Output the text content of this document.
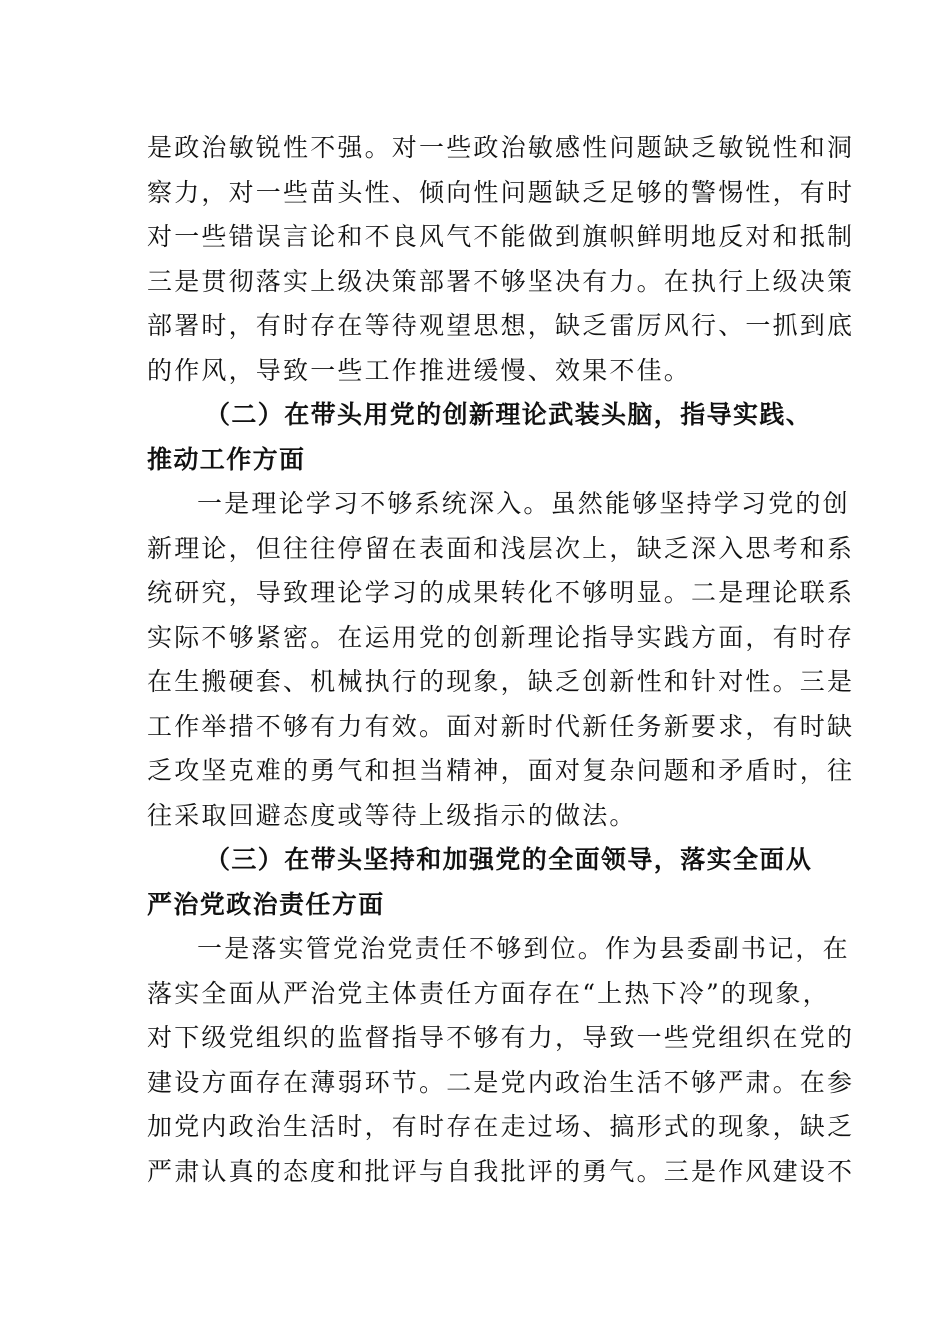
是政治敏锐性不强。对一些政治敏感性问题缺乏敏锐性和洞
察力，对一些苗头性、倾向性问题缺乏足够的警惕性，有时
对一些错误言论和不良风气不能做到旗帜鲜明地反对和抵制
三是贯彻落实上级决策部署不够坚决有力。在执行上级决策
部署时，有时存在等待观望思想，缺乏雷厉风行、一抓到底
的作风，导致一些工作推进缓慢、效果不佳。
（二）在带头用党的创新理论武装头脑，指导实践、
推动工作方面
一是理论学习不够系统深入。虽然能够坚持学习党的创
新理论，但往往停留在表面和浅层次上，缺乏深入思考和系
统研究，导致理论学习的成果转化不够明显。二是理论联系
实际不够紧密。在运用党的创新理论指导实践方面，有时存
在生搬硬套、机械执行的现象，缺乏创新性和针对性。三是
工作举措不够有力有效。面对新时代新任务新要求，有时缺
乏攻坚克难的勇气和担当精神，面对复杂问题和矛盾时，往
往采取回避态度或等待上级指示的做法。
（三）在带头坚持和加强党的全面领导，落实全面从
严治党政治责任方面
一是落实管党治党责任不够到位。作为县委副书记，在
落实全面从严治党主体责任方面存在“上热下冷”的现象，
对下级党组织的监督指导不够有力，导致一些党组织在党的
建设方面存在薄弱环节。二是党内政治生活不够严肃。在参
加党内政治生活时，有时存在走过场、搞形式的现象，缺乏
严肃认真的态度和批评与自我批评的勇气。三是作风建设不
